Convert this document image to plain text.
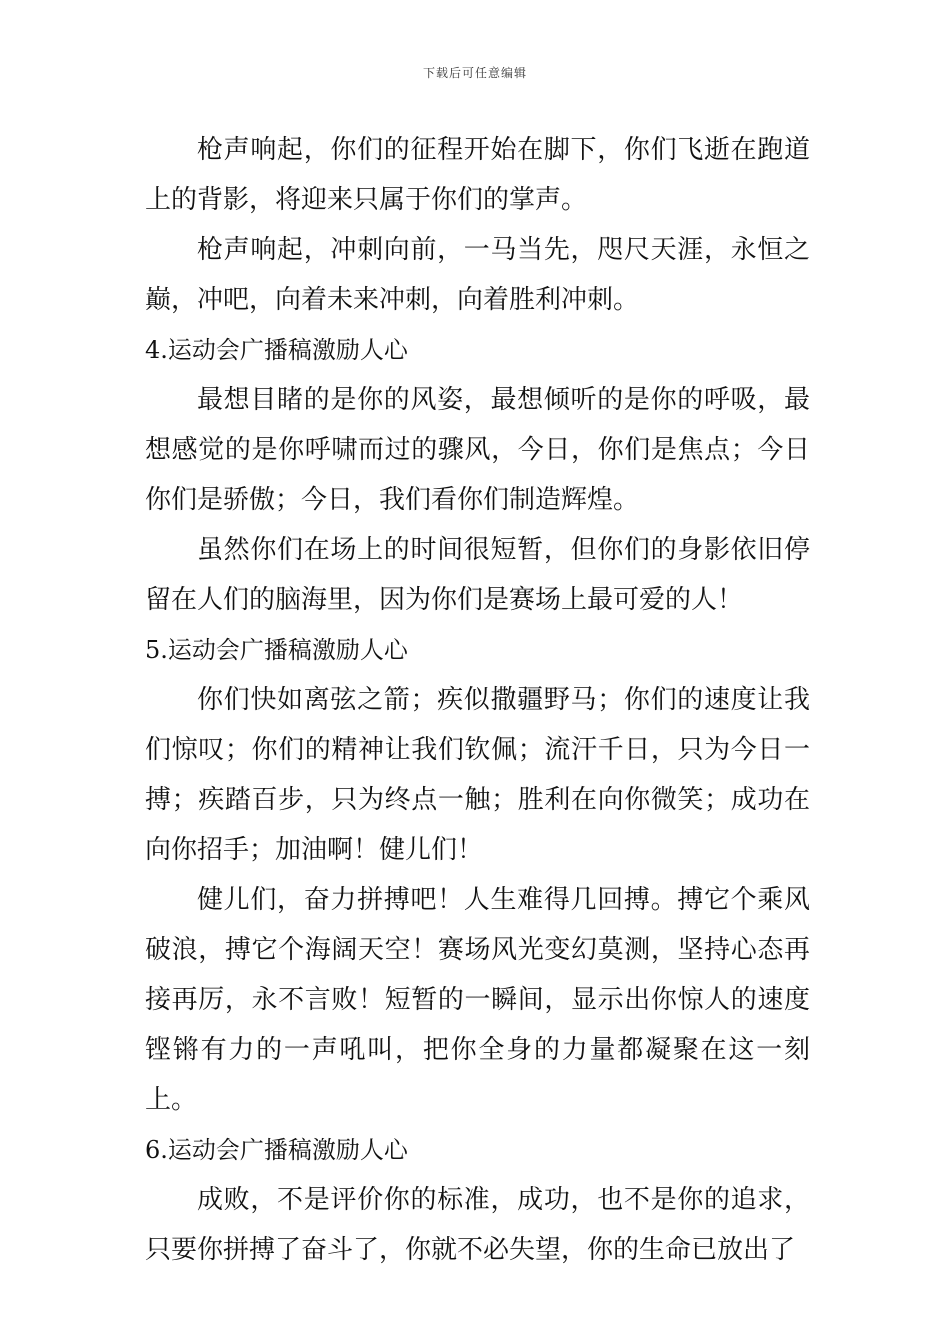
下载后可任意编辑

枪声响起，你们的征程开始在脚下，你们飞逝在跑道上的背影，将迎来只属于你们的掌声。

枪声响起，冲刺向前，一马当先，咫尺天涯，永恒之巅，冲吧，向着未来冲刺，向着胜利冲刺。

4.运动会广播稿激励人心

最想目睹的是你的风姿，最想倾听的是你的呼吸，最想感觉的是你呼啸而过的骤风，今日，你们是焦点；今日你们是骄傲；今日，我们看你们制造辉煌。

虽然你们在场上的时间很短暂，但你们的身影依旧停留在人们的脑海里，因为你们是赛场上最可爱的人！

5.运动会广播稿激励人心

你们快如离弦之箭；疾似撒疆野马；你们的速度让我们惊叹；你们的精神让我们钦佩；流汗千日，只为今日一搏；疾踏百步，只为终点一触；胜利在向你微笑；成功在向你招手；加油啊！健儿们！

健儿们，奋力拼搏吧！人生难得几回搏。搏它个乘风破浪，搏它个海阔天空！赛场风光变幻莫测，坚持心态再接再厉，永不言败！短暂的一瞬间，显示出你惊人的速度铿锵有力的一声吼叫，把你全身的力量都凝聚在这一刻上。

6.运动会广播稿激励人心

成败，不是评价你的标准，成功，也不是你的追求，只要你拼搏了奋斗了，你就不必失望，你的生命已放出了
